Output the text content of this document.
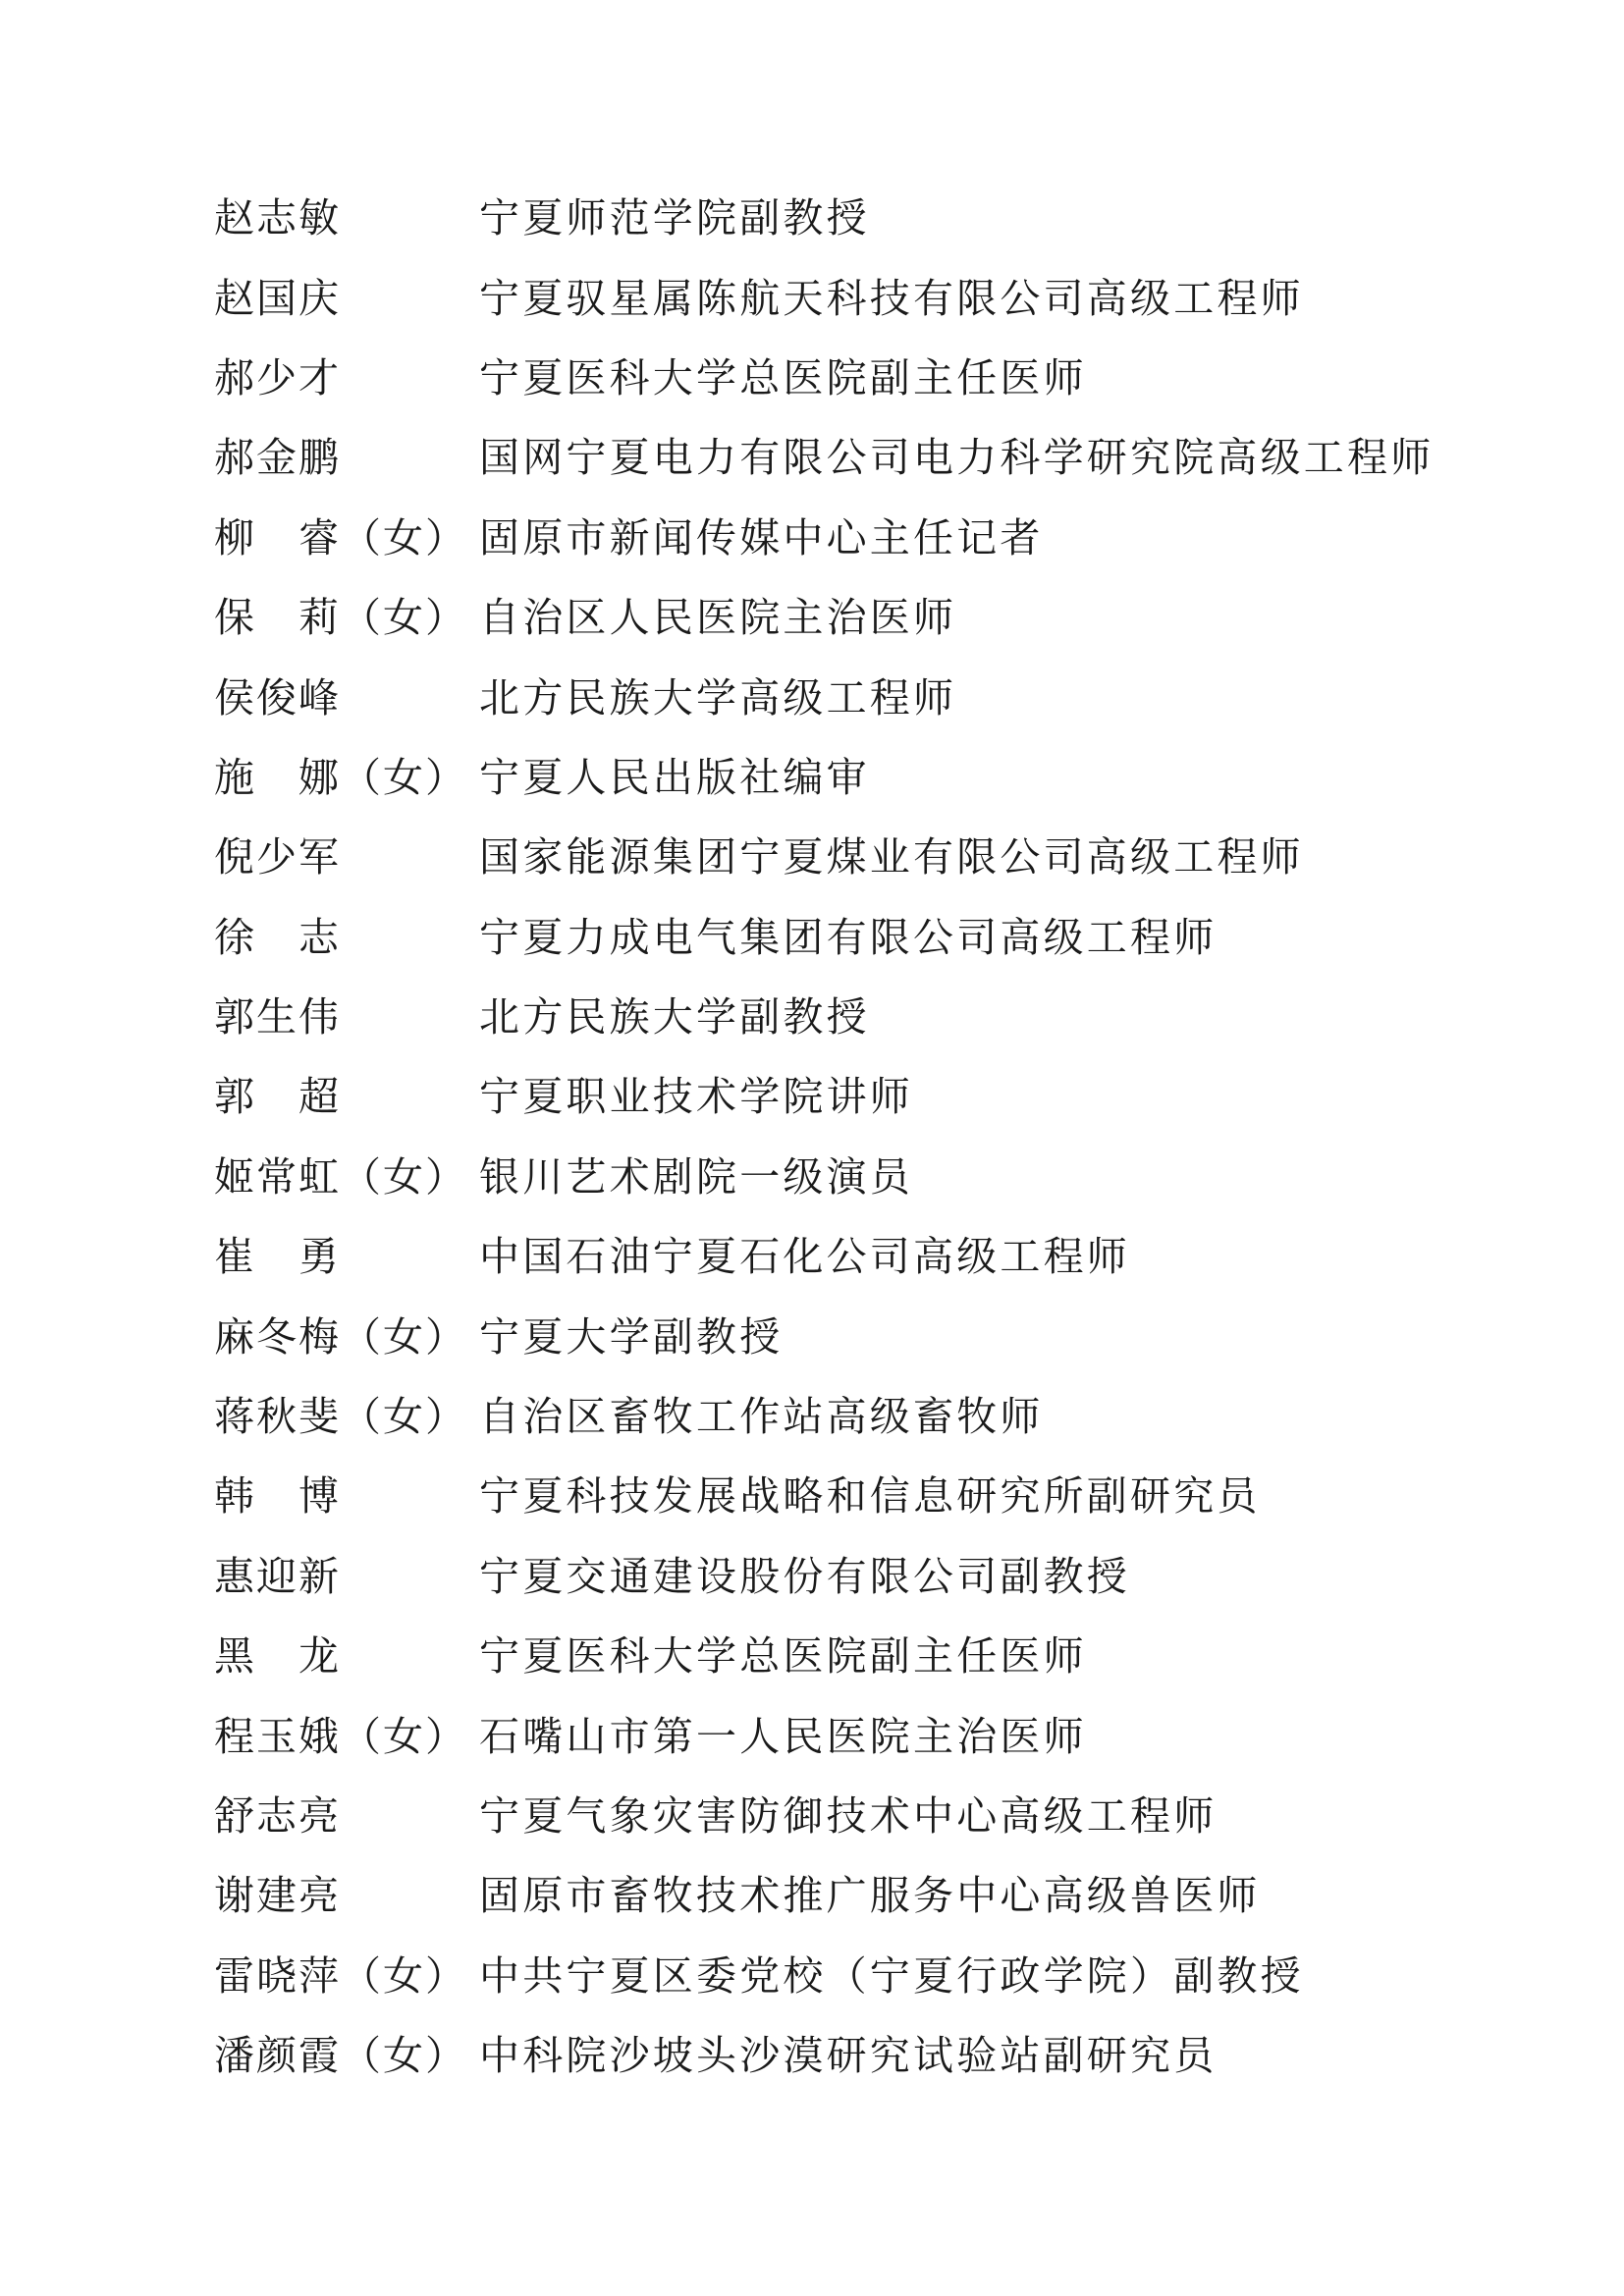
赵志敏	宁夏师范学院副教授
赵国庆	宁夏驭星属陈航天科技有限公司高级工程师
郝少才	宁夏医科大学总医院副主任医师
郝金鹏	国网宁夏电力有限公司电力科学研究院高级工程师
柳　睿（女） 固原市新闻传媒中心主任记者
保　莉（女） 自治区人民医院主治医师
侯俊峰	北方民族大学高级工程师
施　娜（女） 宁夏人民出版社编审
倪少军	国家能源集团宁夏煤业有限公司高级工程师
徐　志	宁夏力成电气集团有限公司高级工程师
郭生伟	北方民族大学副教授
郭　超	宁夏职业技术学院讲师
姬常虹（女） 银川艺术剧院一级演员
崔　勇	中国石油宁夏石化公司高级工程师
麻冬梅（女） 宁夏大学副教授
蒋秋斐（女） 自治区畜牧工作站高级畜牧师
韩　博	宁夏科技发展战略和信息研究所副研究员
惠迎新	宁夏交通建设股份有限公司副教授
黑　龙	宁夏医科大学总医院副主任医师
程玉娥（女） 石嘴山市第一人民医院主治医师
舒志亮	宁夏气象灾害防御技术中心高级工程师
谢建亮	固原市畜牧技术推广服务中心高级兽医师
雷晓萍（女） 中共宁夏区委党校（宁夏行政学院）副教授
潘颜霞（女） 中科院沙坡头沙漠研究试验站副研究员
